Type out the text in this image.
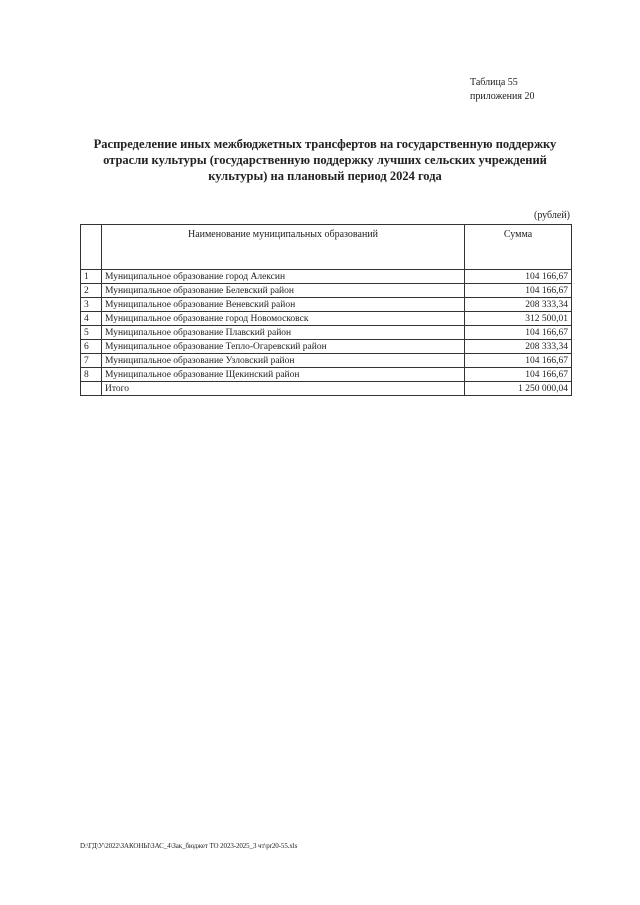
Таблица 55
приложения 20
Распределение иных межбюджетных трансфертов на государственную поддержку
отрасли культуры (государственную поддержку лучших сельских учреждений
культуры) на плановый период 2024 года
(рублей)
	Наименование муниципальных образований	Сумма
1	Муниципальное образование город Алексин	104 166,67
2	Муниципальное образование Белевский район	104 166,67
3	Муниципальное образование Веневский район	208 333,34
4	Муниципальное образование город Новомосковск	312 500,01
5	Муниципальное образование Плавский район	104 166,67
6	Муниципальное образование Тепло-Огаревский район	208 333,34
7	Муниципальное образование Узловский район	104 166,67
8	Муниципальное образование Щекинский район	104 166,67
	Итого	1 250 000,04
D:\ГД\У\2022\ЗАКОНЫ\ЗАС_4\Зак_бюджет ТО 2023-2025_3 чт\pr20-55.xls
